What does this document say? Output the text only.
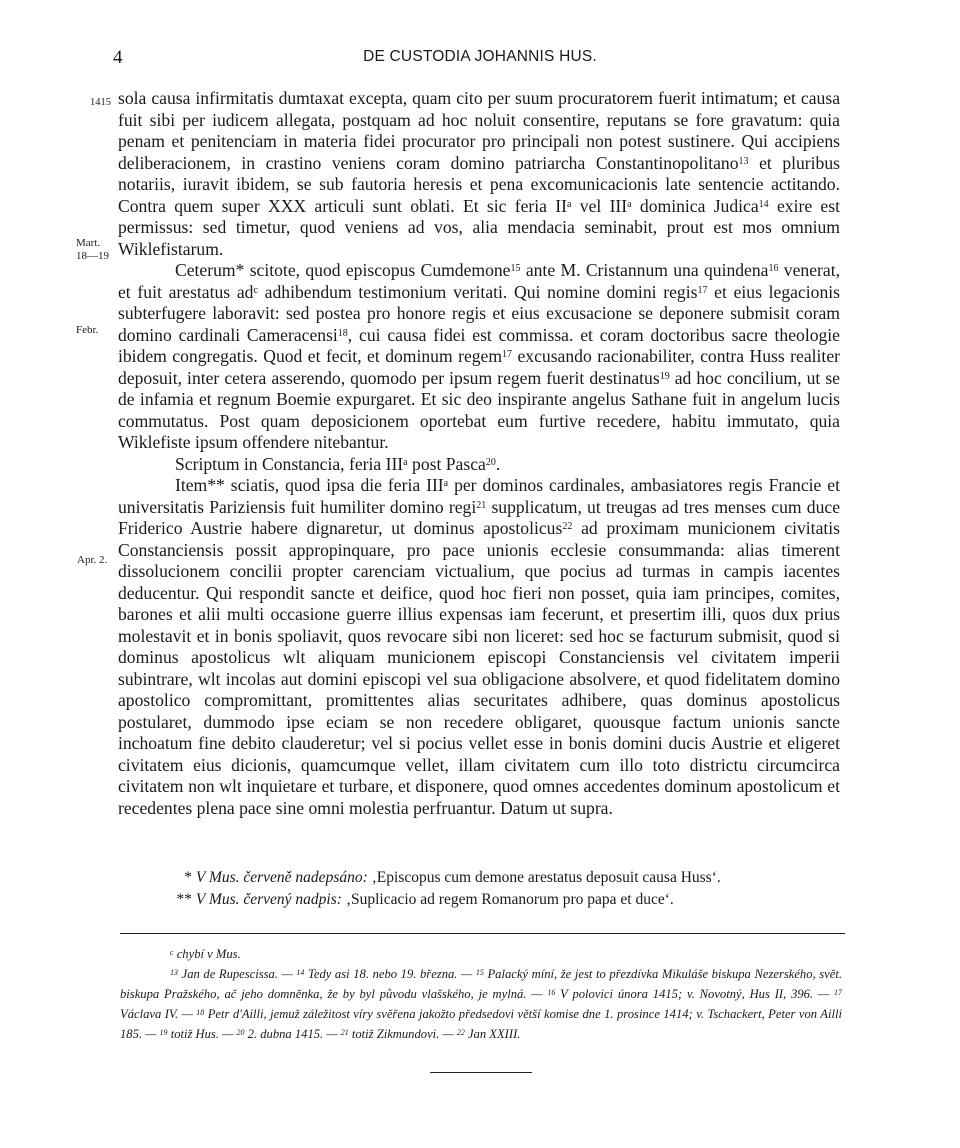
4	DE CUSTODIA JOHANNIS HUS.
1415
Mart.
18—19
Febr.
Apr. 2.

sola causa infirmitatis dumtaxat excepta, quam cito per suum procuratorem fuerit intimatum; et causa fuit sibi per iudicem allegata, postquam ad hoc noluit consentire, reputans se fore gravatum: quia penam et penitenciam in materia fidei procurator pro principali non potest sustinere. Qui accipiens deliberacionem, in crastino veniens coram domino patriarcha Constantinopolitano$^{13}$ et pluribus notariis, iuravit ibidem, se sub fautoria heresis et pena excomunicacionis late sentencie actitando. Contra quem super XXX articuli sunt oblati. Et sic feria $II^a$ vel III$^a$ dominica Judica$^{14}$ exire est permissus: sed timetur, quod veniens ad vos, alia mendacia seminabit, prout est mos omnium Wiklefistarum.

Ceterum* scitote, quod episcopus Cumdemone$^{15}$ ante M. Cristannum una quindena$^{16}$ venerat, et fuit arestatus $ad^c$ adhibendum testimonium veritati. Qui nomine domini regis$^{17}$ et eius legacionis subterfugere laboravit: sed postea pro honore regis et eius excusacione se deponere submisit coram domino cardinali Cameracensi$^{18}$, cui causa fidei est commissa. et coram doctoribus sacre theologie ibidem congregatis. Quod et fecit, et dominum regem$^{17}$ excusando racionabiliter, contra Huss realiter deposuit, inter cetera asserendo, quomodo per ipsum regem fuerit destinatus$^{19}$ ad hoc concilium, ut se de infamia et regnum Boemie expurgaret. Et sic deo inspirante angelus Sathane fuit in angelum lucis commutatus. Post quam deposicionem oportebat eum furtive recedere, habitu immutato, quia Wiklefiste ipsum offendere nitebantur.

Scriptum in Constancia, feria III$^a$ post Pasca$^{20}$.

Item** sciatis, quod ipsa die feria III$^a$ per dominos cardinales, ambasiatores regis Francie et universitatis Pariziensis fuit humiliter domino regi$^{21}$ supplicatum, ut treugas ad tres menses cum duce Friderico Austrie habere dignaretur, ut dominus apostolicus$^{22}$ ad proximam municionem civitatis Constanciensis possit appropinquare, pro pace unionis ecclesie consummanda: alias timerent dissolucionem concilii propter carenciam victualium, que pocius ad turmas in campis iacentes deducentur. Qui respondit sancte et deifice, quod hoc fieri non posset, quia iam principes, comites, barones et alii multi occasione guerre illius expensas iam fecerunt, et presertim illi, quos dux prius molestavit et in bonis spoliavit, quos revocare sibi non liceret: sed hoc se facturum submisit, quod si dominus apostolicus wlt aliquam municionem episcopi Constanciensis vel civitatem imperii subintrare, wlt incolas aut domini episcopi vel sua obligacione absolvere, et quod fidelitatem domino apostolico compromittant, promittentes alias securitates adhibere, quas dominus apostolicus postularet, dummodo ipse eciam se non recedere obligaret, quousque factum unionis sancte inchoatum fine debito clauderetur; vel si pocius vellet esse in bonis domini ducis Austrie et eligeret civitatem eius dicionis, quamcumque vellet, illam civitatem cum illo toto districtu circumcirca civitatem non wlt inquietare et turbare, et disponere, quod omnes accedentes dominum apostolicum et recedentes plena pace sine omni molestia perfruantur. Datum ut supra.

* V Mus. červeně nadepsáno: ‚Episcopus cum demone arestatus deposuit causa Huss‘.
** V Mus. červený nadpis: ‚Suplicacio ad regem Romanorum pro papa et duce‘.

$^c$ chybí v Mus.

$^{13}$ Jan de Rupescissa. — $^{14}$ Tedy asi 18. nebo 19. března. — $^{15}$ Palacký míní, že jest to přezdívka Mikuláše biskupa Nezerského, svět. biskupa Pražského, ač jeho domněnka, že by byl původu vlašského, je mylná. — $^{16}$ V polovici února 1415; v. Novotný, Hus II, 396. — $^{17}$ Václava IV. — $^{18}$ Petr d'Ailli, jemuž záležitost víry svěřena jakožto předsedovi větší komise dne 1. prosince 1414; v. Tschackert, Peter von Ailli 185. — $^{19}$ totiž Hus. — $^{20}$ 2. dubna 1415. — $^{21}$ totiž Zikmundovi. — $^{22}$ Jan XXIII.
